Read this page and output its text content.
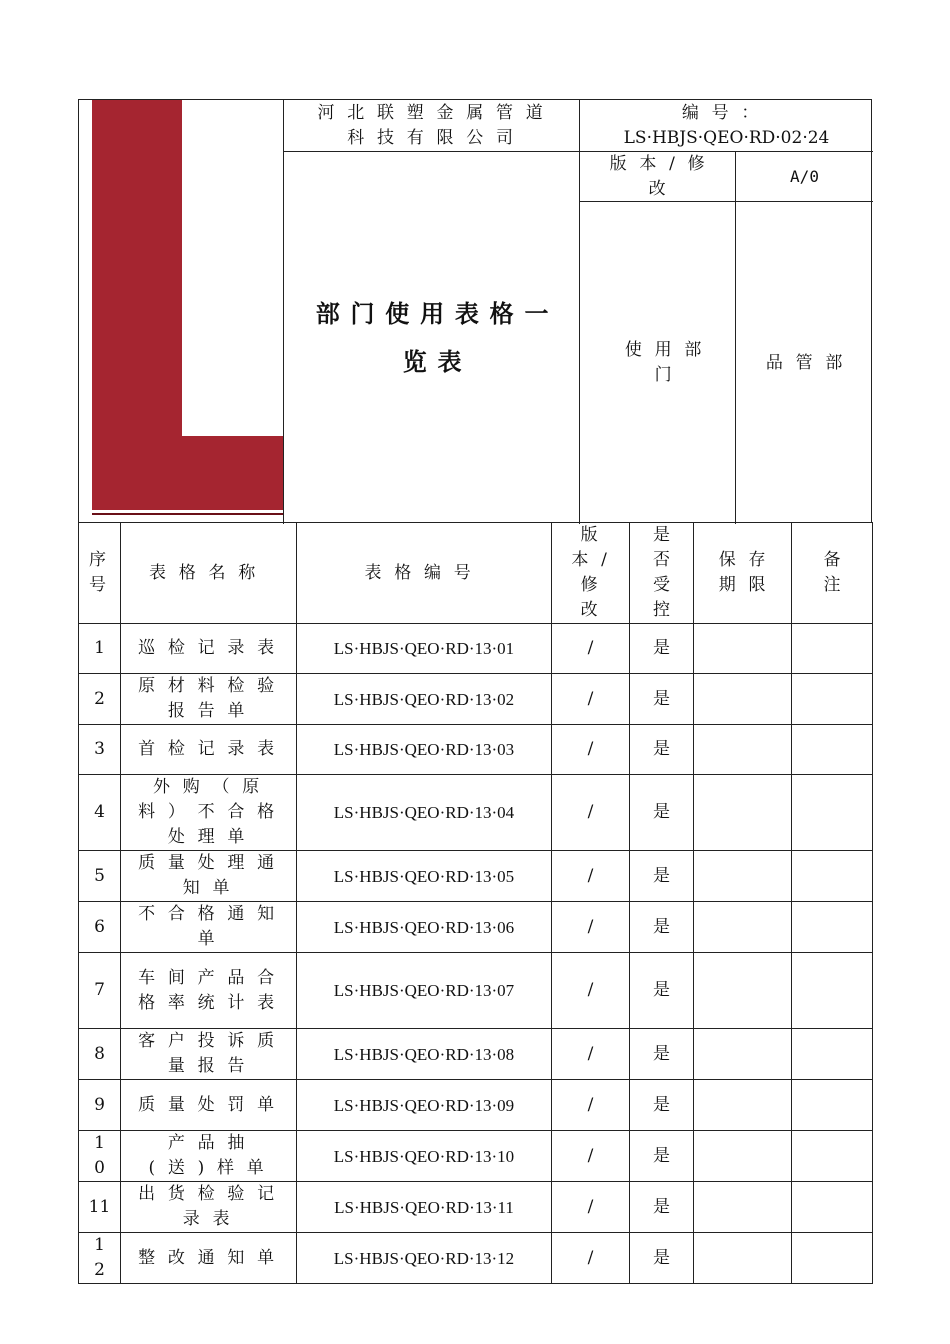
河北联塑金属管道科技有限公司
编号：
LS·HBJS·QEO·RD·02·24
版本/修改
A/0
部门使用表格一览表	使用部门
品管部
序号	表格名称	表格编号	版本/修改	是否受控	保存期限	备注
1	巡检记录表	LS·HBJS·QEO·RD·13·01	/	是		
2	原材料检验报告单	LS·HBJS·QEO·RD·13·02	/	是		
3	首检记录表	LS·HBJS·QEO·RD·13·03	/	是		
4	外购（原料）不合格处理单	LS·HBJS·QEO·RD·13·04	/	是		
5	质量处理通知单	LS·HBJS·QEO·RD·13·05	/	是		
6	不合格通知单	LS·HBJS·QEO·RD·13·06	/	是		
7	车间产品合格率统计表	LS·HBJS·QEO·RD·13·07	/	是		
8	客户投诉质量报告	LS·HBJS·QEO·RD·13·08	/	是		
9	质量处罚单	LS·HBJS·QEO·RD·13·09	/	是		
10	产品抽(送)样单	LS·HBJS·QEO·RD·13·10	/	是		
11	出货检验记录表	LS·HBJS·QEO·RD·13·11	/	是		
12	整改通知单	LS·HBJS·QEO·RD·13·12	/	是		
